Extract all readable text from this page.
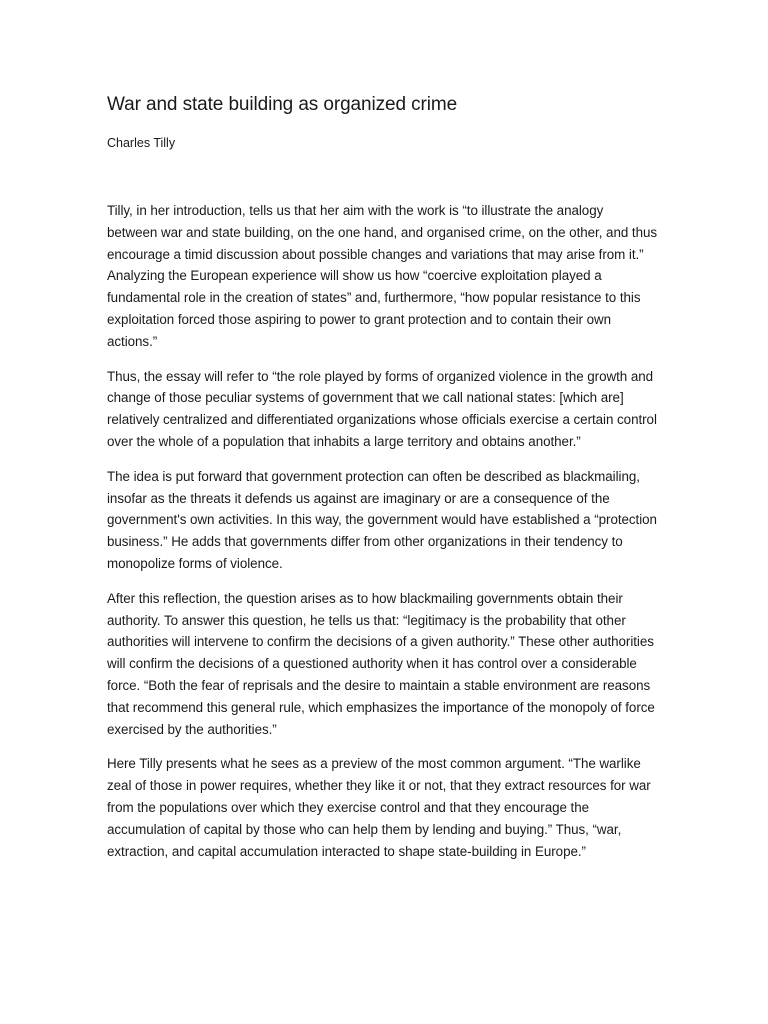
War and state building as organized crime
Charles Tilly

Tilly, in her introduction, tells us that her aim with the work is “to illustrate the analogy between war and state building, on the one hand, and organised crime, on the other, and thus encourage a timid discussion about possible changes and variations that may arise from it.” Analyzing the European experience will show us how “coercive exploitation played a fundamental role in the creation of states” and, furthermore, “how popular resistance to this exploitation forced those aspiring to power to grant protection and to contain their own actions.”

Thus, the essay will refer to “the role played by forms of organized violence in the growth and change of those peculiar systems of government that we call national states: [which are] relatively centralized and differentiated organizations whose officials exercise a certain control over the whole of a population that inhabits a large territory and obtains another.”

The idea is put forward that government protection can often be described as blackmailing, insofar as the threats it defends us against are imaginary or are a consequence of the government's own activities. In this way, the government would have established a “protection business.” He adds that governments differ from other organizations in their tendency to monopolize forms of violence.

After this reflection, the question arises as to how blackmailing governments obtain their authority. To answer this question, he tells us that: “legitimacy is the probability that other authorities will intervene to confirm the decisions of a given authority.” These other authorities will confirm the decisions of a questioned authority when it has control over a considerable force. “Both the fear of reprisals and the desire to maintain a stable environment are reasons that recommend this general rule, which emphasizes the importance of the monopoly of force exercised by the authorities.”

Here Tilly presents what he sees as a preview of the most common argument. “The warlike zeal of those in power requires, whether they like it or not, that they extract resources for war from the populations over which they exercise control and that they encourage the accumulation of capital by those who can help them by lending and buying.” Thus, “war, extraction, and capital accumulation interacted to shape state-building in Europe.”
